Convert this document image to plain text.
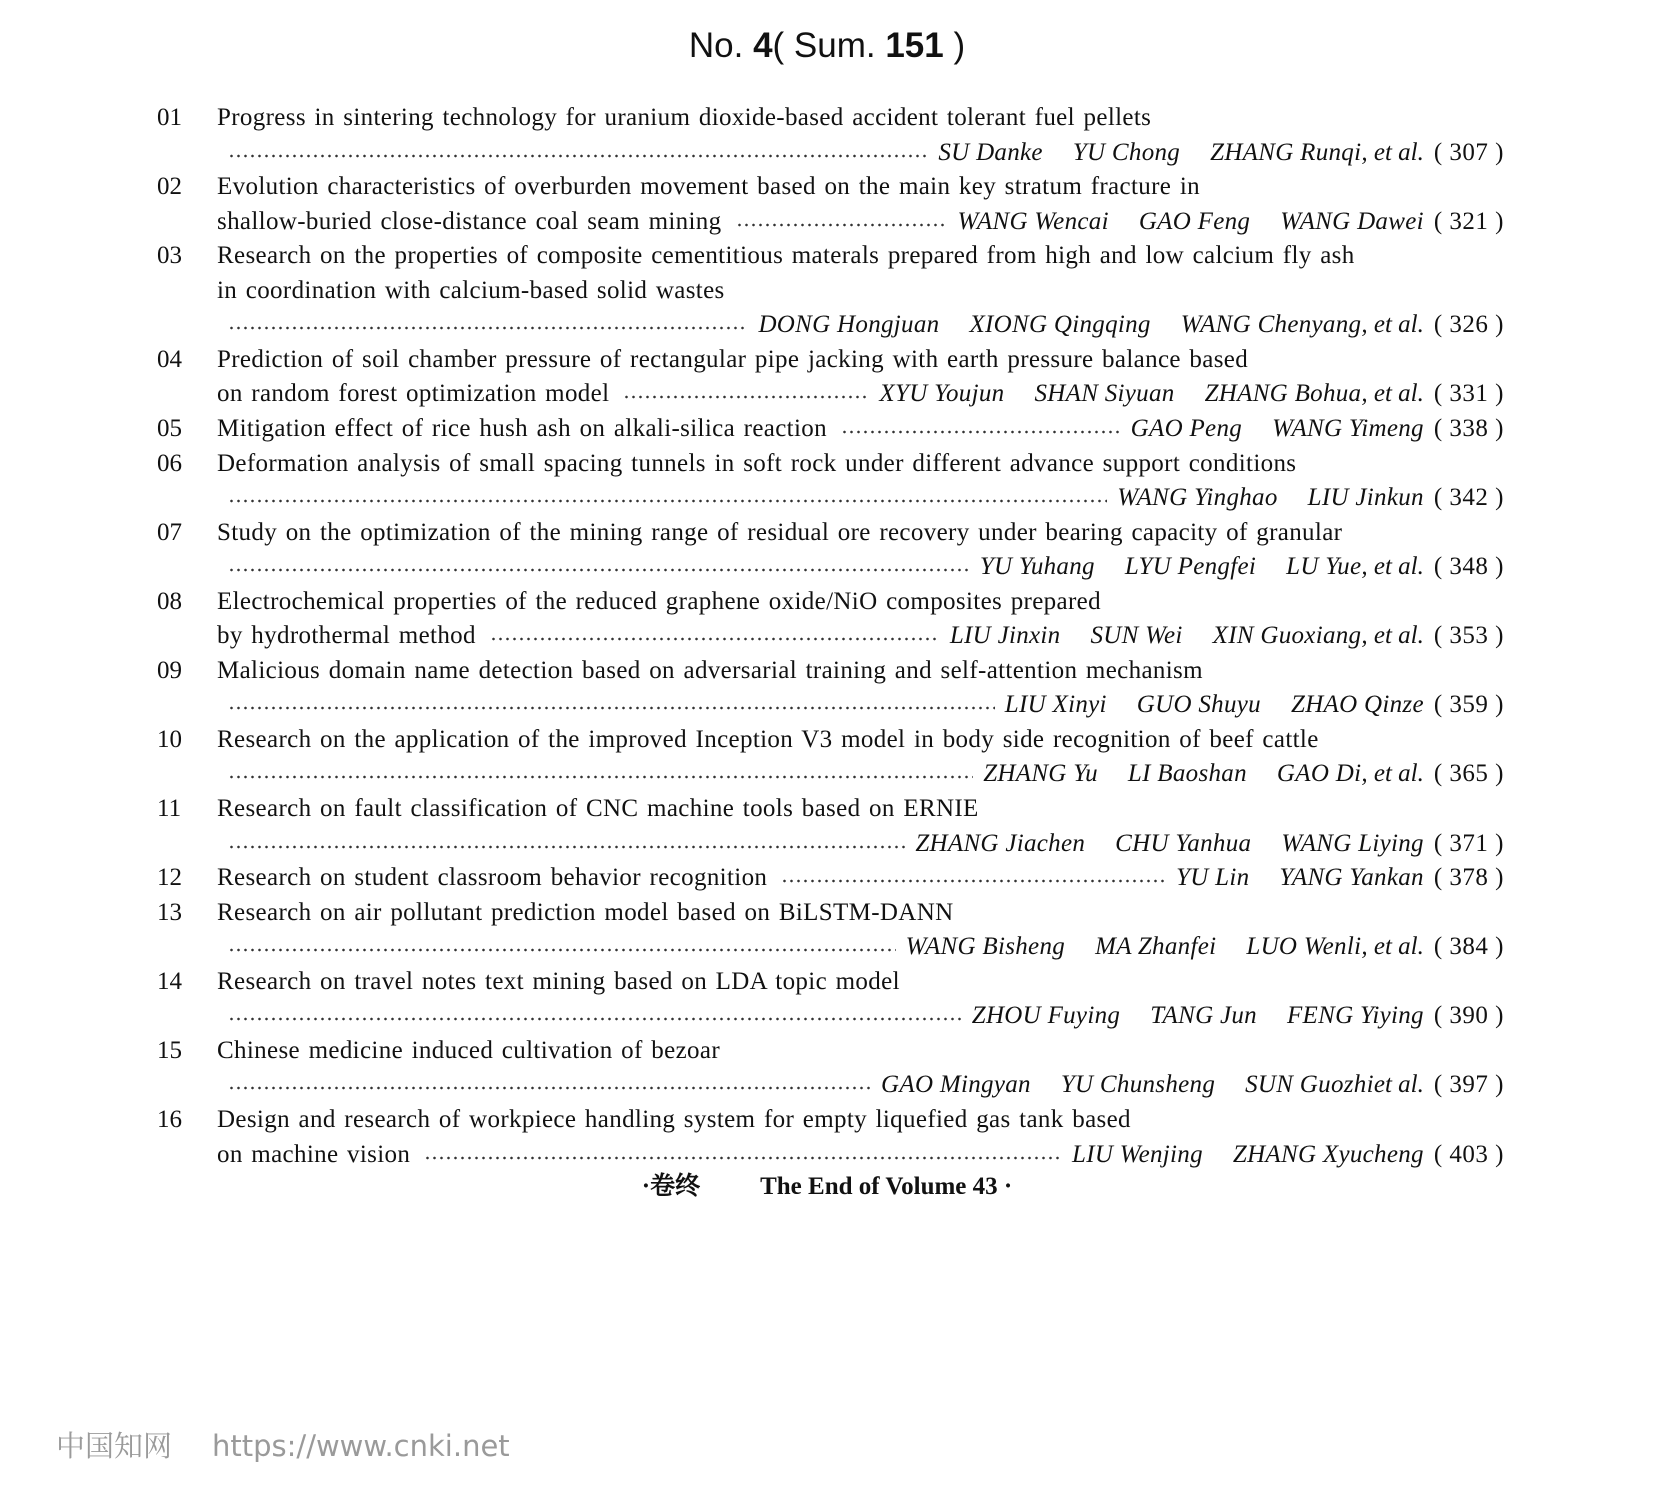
No. 4( Sum. 151 )
01 Progress in sintering technology for uranium dioxide-based accident tolerant fuel pellets
SU Danke YU Chong ZHANG Runqi , et al. ( 307 )
02 Evolution characteristics of overburden movement based on the main key stratum fracture in
shallow-buried close-distance coal seam mining	WANG Wencai GAO Feng WANG Dawei ( 321 )
03 Research on the properties of composite cementitious materals prepared from high and low calcium fly ash
in coordination with calcium-based solid wastes
DONG Hongjuan XIONG Qingqing WANG Chenyang , et al. ( 326 )
04 Prediction of soil chamber pressure of rectangular pipe jacking with earth pressure balance based
on random forest optimization model	XYU Youjun SHAN Siyuan ZHANG Bohua , et al. ( 331 )
05 Mitigation effect of rice hush ash on alkali-silica reaction	GAO Peng WANG Yimeng ( 338 )
06 Deformation analysis of small spacing tunnels in soft rock under different advance support conditions
WANG Yinghao LIU Jinkun ( 342 )
07 Study on the optimization of the mining range of residual ore recovery under bearing capacity of granular
YU Yuhang LYU Pengfei LU Yue , et al. ( 348 )
08 Electrochemical properties of the reduced graphene oxide/NiO composites prepared
by hydrothermal method	LIU Jinxin SUN Wei XIN Guoxiang , et al. ( 353 )
09 Malicious domain name detection based on adversarial training and self-attention mechanism
LIU Xinyi GUO Shuyu ZHAO Qinze ( 359 )
10 Research on the application of the improved Inception V3 model in body side recognition of beef cattle
ZHANG Yu LI Baoshan GAO Di , et al. ( 365 )
11 Research on fault classification of CNC machine tools based on ERNIE
ZHANG Jiachen CHU Yanhua WANG Liying ( 371 )
12 Research on student classroom behavior recognition	YU Lin YANG Yankan ( 378 )
13 Research on air pollutant prediction model based on BiLSTM-DANN
WANG Bisheng MA Zhanfei LUO Wenli , et al. ( 384 )
14 Research on travel notes text mining based on LDA topic model
ZHOU Fuying TANG Jun FENG Yiying ( 390 )
15 Chinese medicine induced cultivation of bezoar
GAO Mingyan YU Chunsheng SUN Guozhi et al. ( 397 )
16 Design and research of workpiece handling system for empty liquefied gas tank based
on machine vision	LIU Wenjing ZHANG Xyucheng ( 403 )
·卷终 The End of Volume 43 ·
中国知网 https://www.cnki.net
